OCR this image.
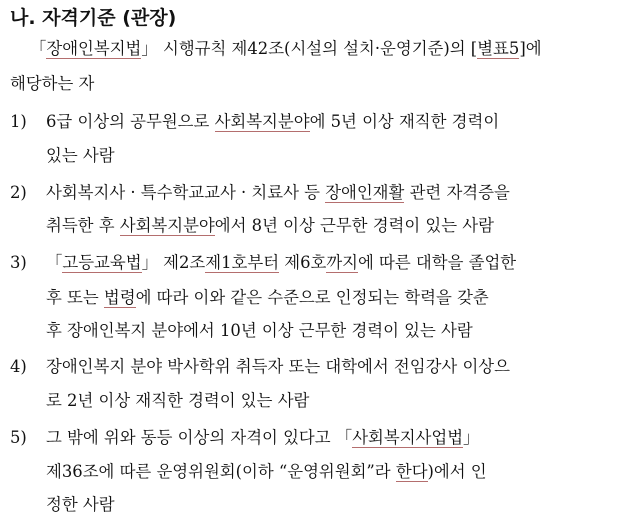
나. 자격기준 (관장)
「장애인복지법」 시행규칙 제42조(시설의 설치·운영기준)의 [별표5]에
해당하는 자
1) 6급 이상의 공무원으로 사회복지분야에 5년 이상 재직한 경력이
있는 사람
2) 사회복지사 · 특수학교교사 · 치료사 등 장애인재활 관련 자격증을
취득한 후 사회복지분야에서 8년 이상 근무한 경력이 있는 사람
3) 「고등교육법」 제2조제1호부터 제6호까지에 따른 대학을 졸업한
후 또는 법령에 따라 이와 같은 수준으로 인정되는 학력을 갖춘
후 장애인복지 분야에서 10년 이상 근무한 경력이 있는 사람
4) 장애인복지 분야 박사학위 취득자 또는 대학에서 전임강사 이상으
로 2년 이상 재직한 경력이 있는 사람
5) 그 밖에 위와 동등 이상의 자격이 있다고 「사회복지사업법」
제36조에 따른 운영위원회(이하 “운영위원회”라 한다)에서 인
정한 사람
